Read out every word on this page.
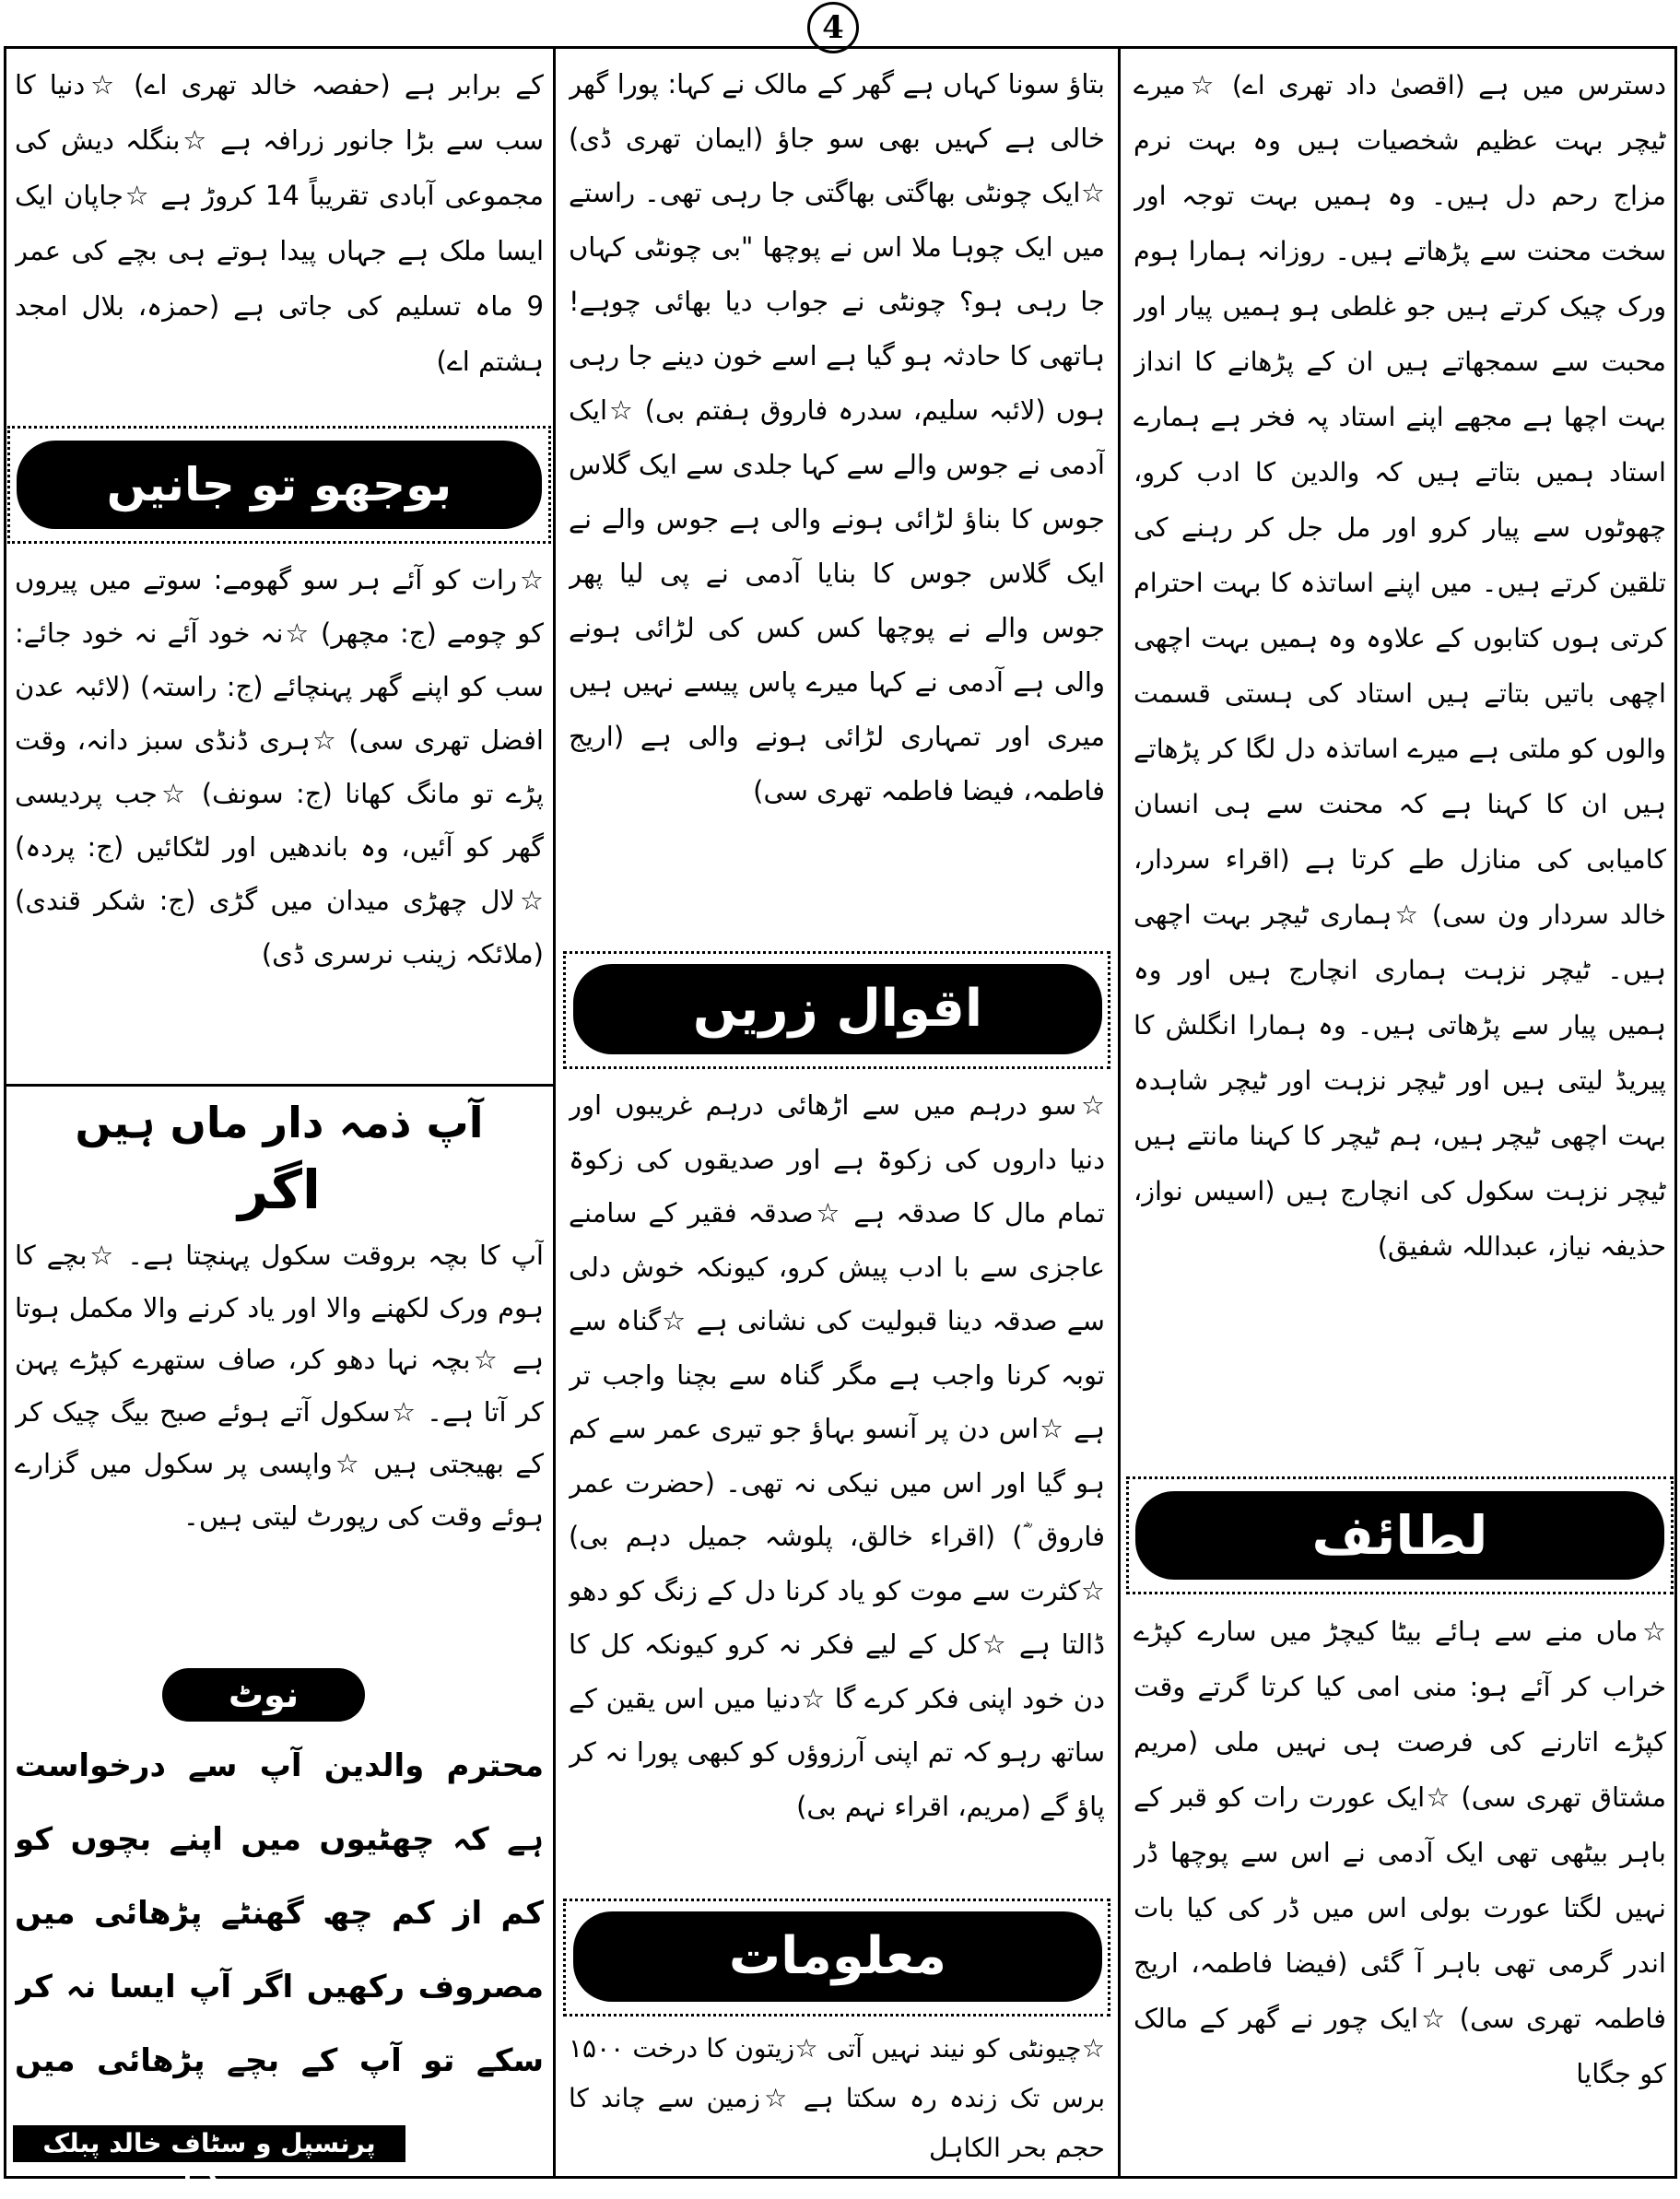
4

دسترس میں ہے (اقصیٰ داد تھری اے) ☆میرے ٹیچر بہت عظیم شخصیات ہیں وہ بہت نرم مزاج رحم دل ہیں۔ وہ ہمیں بہت توجہ اور سخت محنت سے پڑھاتے ہیں۔ روزانہ ہمارا ہوم ورک چیک کرتے ہیں جو غلطی ہو ہمیں پیار اور محبت سے سمجھاتے ہیں ان کے پڑھانے کا انداز بہت اچھا ہے مجھے اپنے استاد پہ فخر ہے ہمارے استاد ہمیں بتاتے ہیں کہ والدین کا ادب کرو، چھوٹوں سے پیار کرو اور مل جل کر رہنے کی تلقین کرتے ہیں۔ میں اپنے اساتذہ کا بہت احترام کرتی ہوں کتابوں کے علاوہ وہ ہمیں بہت اچھی اچھی باتیں بتاتے ہیں استاد کی ہستی قسمت والوں کو ملتی ہے میرے اساتذہ دل لگا کر پڑھاتے ہیں ان کا کہنا ہے کہ محنت سے ہی انسان کامیابی کی منازل طے کرتا ہے (اقراء سردار، خالد سردار ون سی) ☆ہماری ٹیچر بہت اچھی ہیں۔ ٹیچر نزہت ہماری انچارج ہیں اور وہ ہمیں پیار سے پڑھاتی ہیں۔ وہ ہمارا انگلش کا پیریڈ لیتی ہیں اور ٹیچر نزہت اور ٹیچر شاہدہ بہت اچھی ٹیچر ہیں، ہم ٹیچر کا کہنا مانتے ہیں ٹیچر نزہت سکول کی انچارج ہیں (اسیس نواز، حذیفہ نیاز، عبداللہ شفیق)

لطائف

☆ماں منے سے ہائے بیٹا کیچڑ میں سارے کپڑے خراب کر آئے ہو: منی امی کیا کرتا گرتے وقت کپڑے اتارنے کی فرصت ہی نہیں ملی (مریم مشتاق تھری سی) ☆ایک عورت رات کو قبر کے باہر بیٹھی تھی ایک آدمی نے اس سے پوچھا ڈر نہیں لگتا عورت بولی اس میں ڈر کی کیا بات اندر گرمی تھی باہر آ گئی (فیضا فاطمہ، اریج فاطمہ تھری سی) ☆ایک چور نے گھر کے مالک کو جگایا

بتاؤ سونا کہاں ہے گھر کے مالک نے کہا: پورا گھر خالی ہے کہیں بھی سو جاؤ (ایمان تھری ڈی) ☆ایک چونٹی بھاگتی بھاگتی جا رہی تھی۔ راستے میں ایک چوہا ملا اس نے پوچھا "بی چونٹی کہاں جا رہی ہو؟ چونٹی نے جواب دیا بھائی چوہے! ہاتھی کا حادثہ ہو گیا ہے اسے خون دینے جا رہی ہوں (لائبہ سلیم، سدرہ فاروق ہفتم بی) ☆ایک آدمی نے جوس والے سے کہا جلدی سے ایک گلاس جوس کا بناؤ لڑائی ہونے والی ہے جوس والے نے ایک گلاس جوس کا بنایا آدمی نے پی لیا پھر جوس والے نے پوچھا کس کس کی لڑائی ہونے والی ہے آدمی نے کہا میرے پاس پیسے نہیں ہیں میری اور تمہاری لڑائی ہونے والی ہے (اریج فاطمہ، فیضا فاطمہ تھری سی)

اقوال زریں

☆سو درہم میں سے اڑھائی درہم غریبوں اور دنیا داروں کی زکوۃ ہے اور صدیقوں کی زکوۃ تمام مال کا صدقہ ہے ☆صدقہ فقیر کے سامنے عاجزی سے با ادب پیش کرو، کیونکہ خوش دلی سے صدقہ دینا قبولیت کی نشانی ہے ☆گناہ سے توبہ کرنا واجب ہے مگر گناہ سے بچنا واجب تر ہے ☆اس دن پر آنسو بہاؤ جو تیری عمر سے کم ہو گیا اور اس میں نیکی نہ تھی۔ (حضرت عمر فاروق ؓ) (اقراء خالق، پلوشہ جمیل دہم بی) ☆کثرت سے موت کو یاد کرنا دل کے زنگ کو دھو ڈالتا ہے ☆کل کے لیے فکر نہ کرو کیونکہ کل کا دن خود اپنی فکر کرے گا ☆دنیا میں اس یقین کے ساتھ رہو کہ تم اپنی آرزوؤں کو کبھی پورا نہ کر پاؤ گے (مریم، اقراء نہم بی)

معلومات

☆چیونٹی کو نیند نہیں آتی ☆زیتون کا درخت ۱۵۰۰ برس تک زندہ رہ سکتا ہے ☆زمین سے چاند کا حجم بحر الکاہل

کے برابر ہے (حفصہ خالد تھری اے) ☆دنیا کا سب سے بڑا جانور زرافہ ہے ☆بنگلہ دیش کی مجموعی آبادی تقریباً 14 کروڑ ہے ☆جاپان ایک ایسا ملک ہے جہاں پیدا ہوتے ہی بچے کی عمر 9 ماہ تسلیم کی جاتی ہے (حمزہ، بلال امجد ہشتم اے)

بوجھو تو جانیں

☆رات کو آئے ہر سو گھومے: سوتے میں پیروں کو چومے (ج: مچھر) ☆نہ خود آئے نہ خود جائے: سب کو اپنے گھر پہنچائے (ج: راستہ) (لائبہ عدن افضل تھری سی) ☆ہری ڈنڈی سبز دانہ، وقت پڑے تو مانگ کھانا (ج: سونف) ☆جب پردیسی گھر کو آئیں، وہ باندھیں اور لٹکائیں (ج: پردہ) ☆لال چھڑی میدان میں گڑی (ج: شکر قندی) (ملائکہ زینب نرسری ڈی)

آپ ذمہ دار ماں ہیں
اگر

آپ کا بچہ بروقت سکول پہنچتا ہے۔ ☆بچے کا ہوم ورک لکھنے والا اور یاد کرنے والا مکمل ہوتا ہے ☆بچہ نہا دھو کر، صاف ستھرے کپڑے پہن کر آتا ہے۔ ☆سکول آتے ہوئے صبح بیگ چیک کر کے بھیجتی ہیں ☆واپسی پر سکول میں گزارے ہوئے وقت کی رپورٹ لیتی ہیں۔

نوٹ

محترم والدین آپ سے درخواست ہے کہ چھٹیوں میں اپنے بچوں کو کم از کم چھ گھنٹے پڑھائی میں مصروف رکھیں اگر آپ ایسا نہ کر سکے تو آپ کے بچے پڑھائی میں

پرنسپل و سٹاف خالد پبلک سکول
